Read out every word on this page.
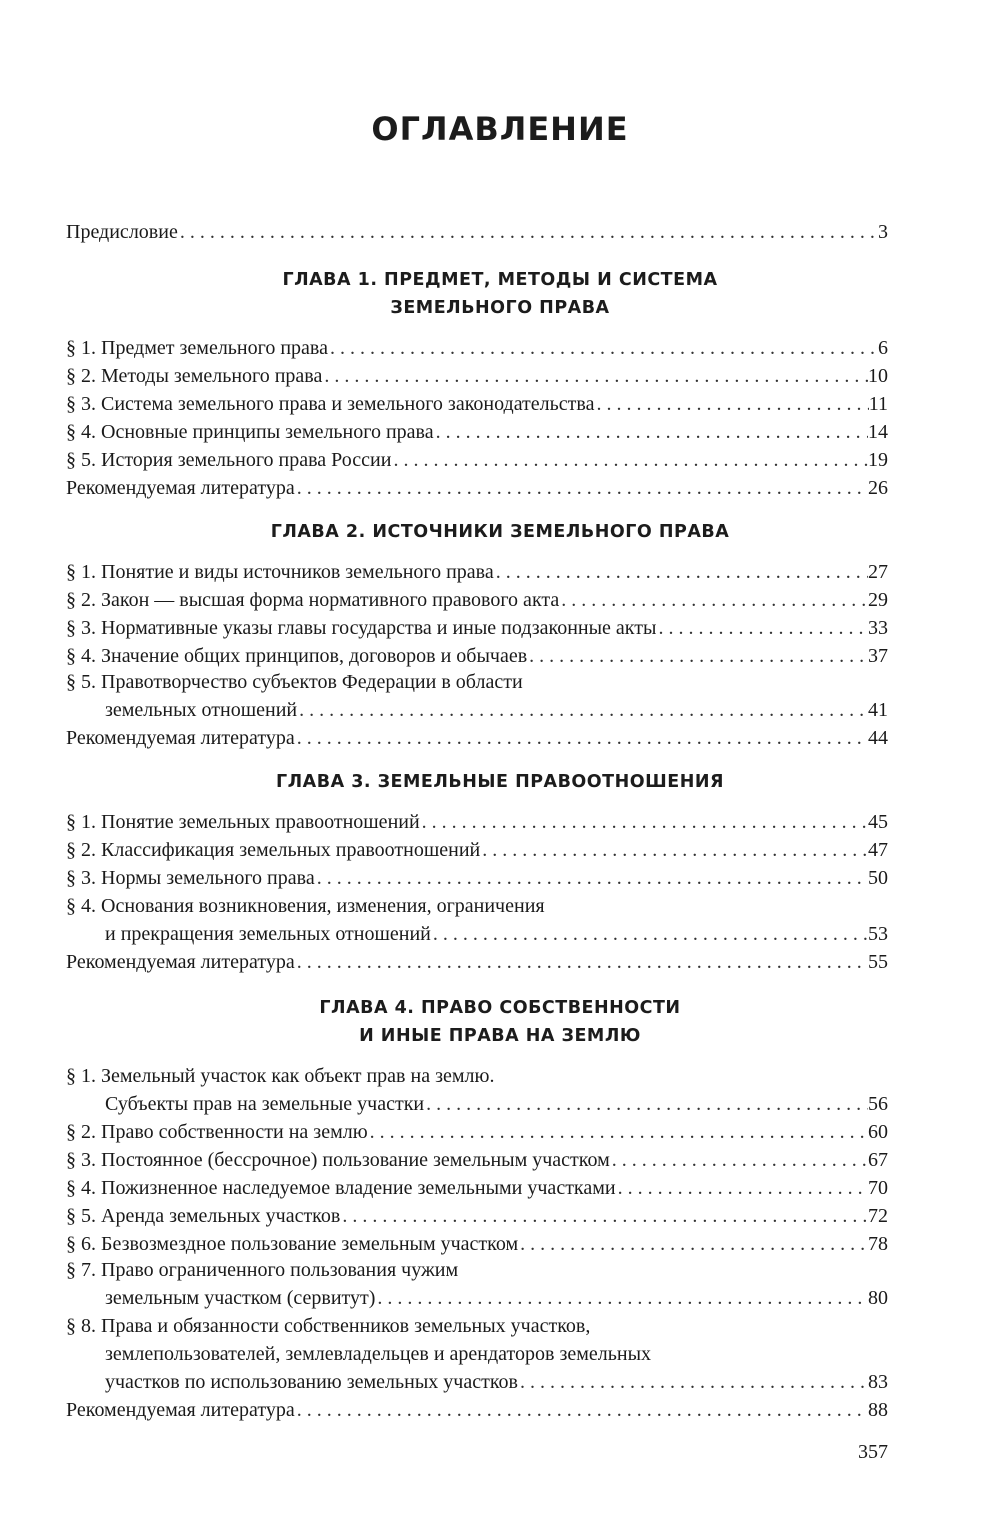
ОГЛАВЛЕНИЕ
Предисловие . . .	3
ГЛАВА 1. ПРЕДМЕТ, МЕТОДЫ И СИСТЕМА
ЗЕМЕЛЬНОГО ПРАВА
§ 1. Предмет земельного права . . .	6
§ 2. Методы земельного права . . .	10
§ 3. Система земельного права и земельного законодательства . . .	11
§ 4. Основные принципы земельного права . . .	14
§ 5. История земельного права России . . .	19
Рекомендуемая литература . . .	26
ГЛАВА 2. ИСТОЧНИКИ ЗЕМЕЛЬНОГО ПРАВА
§ 1. Понятие и виды источников земельного права . . .	27
§ 2. Закон — высшая форма нормативного правового акта . . .	29
§ 3. Нормативные указы главы государства и иные подзаконные акты . . .	33
§ 4. Значение общих принципов, договоров и обычаев . . .	37
§ 5. Правотворчество субъектов Федерации в области
земельных отношений . . .	41
Рекомендуемая литература . . .	44
ГЛАВА 3. ЗЕМЕЛЬНЫЕ ПРАВООТНОШЕНИЯ
§ 1. Понятие земельных правоотношений . . .	45
§ 2. Классификация земельных правоотношений . . .	47
§ 3. Нормы земельного права . . .	50
§ 4. Основания возникновения, изменения, ограничения
и прекращения земельных отношений . . .	53
Рекомендуемая литература . . .	55
ГЛАВА 4. ПРАВО СОБСТВЕННОСТИ
И ИНЫЕ ПРАВА НА ЗЕМЛЮ
§ 1. Земельный участок как объект прав на землю.
Субъекты прав на земельные участки . . .	56
§ 2. Право собственности на землю . . .	60
§ 3. Постоянное (бессрочное) пользование земельным участком . . .	67
§ 4. Пожизненное наследуемое владение земельными участками . . .	70
§ 5. Аренда земельных участков . . .	72
§ 6. Безвозмездное пользование земельным участком . . .	78
§ 7. Право ограниченного пользования чужим
земельным участком (сервитут) . . .	80
§ 8. Права и обязанности собственников земельных участков,
землепользователей, землевладельцев и арендаторов земельных
участков по использованию земельных участков . . .	83
Рекомендуемая литература . . .	88
357
